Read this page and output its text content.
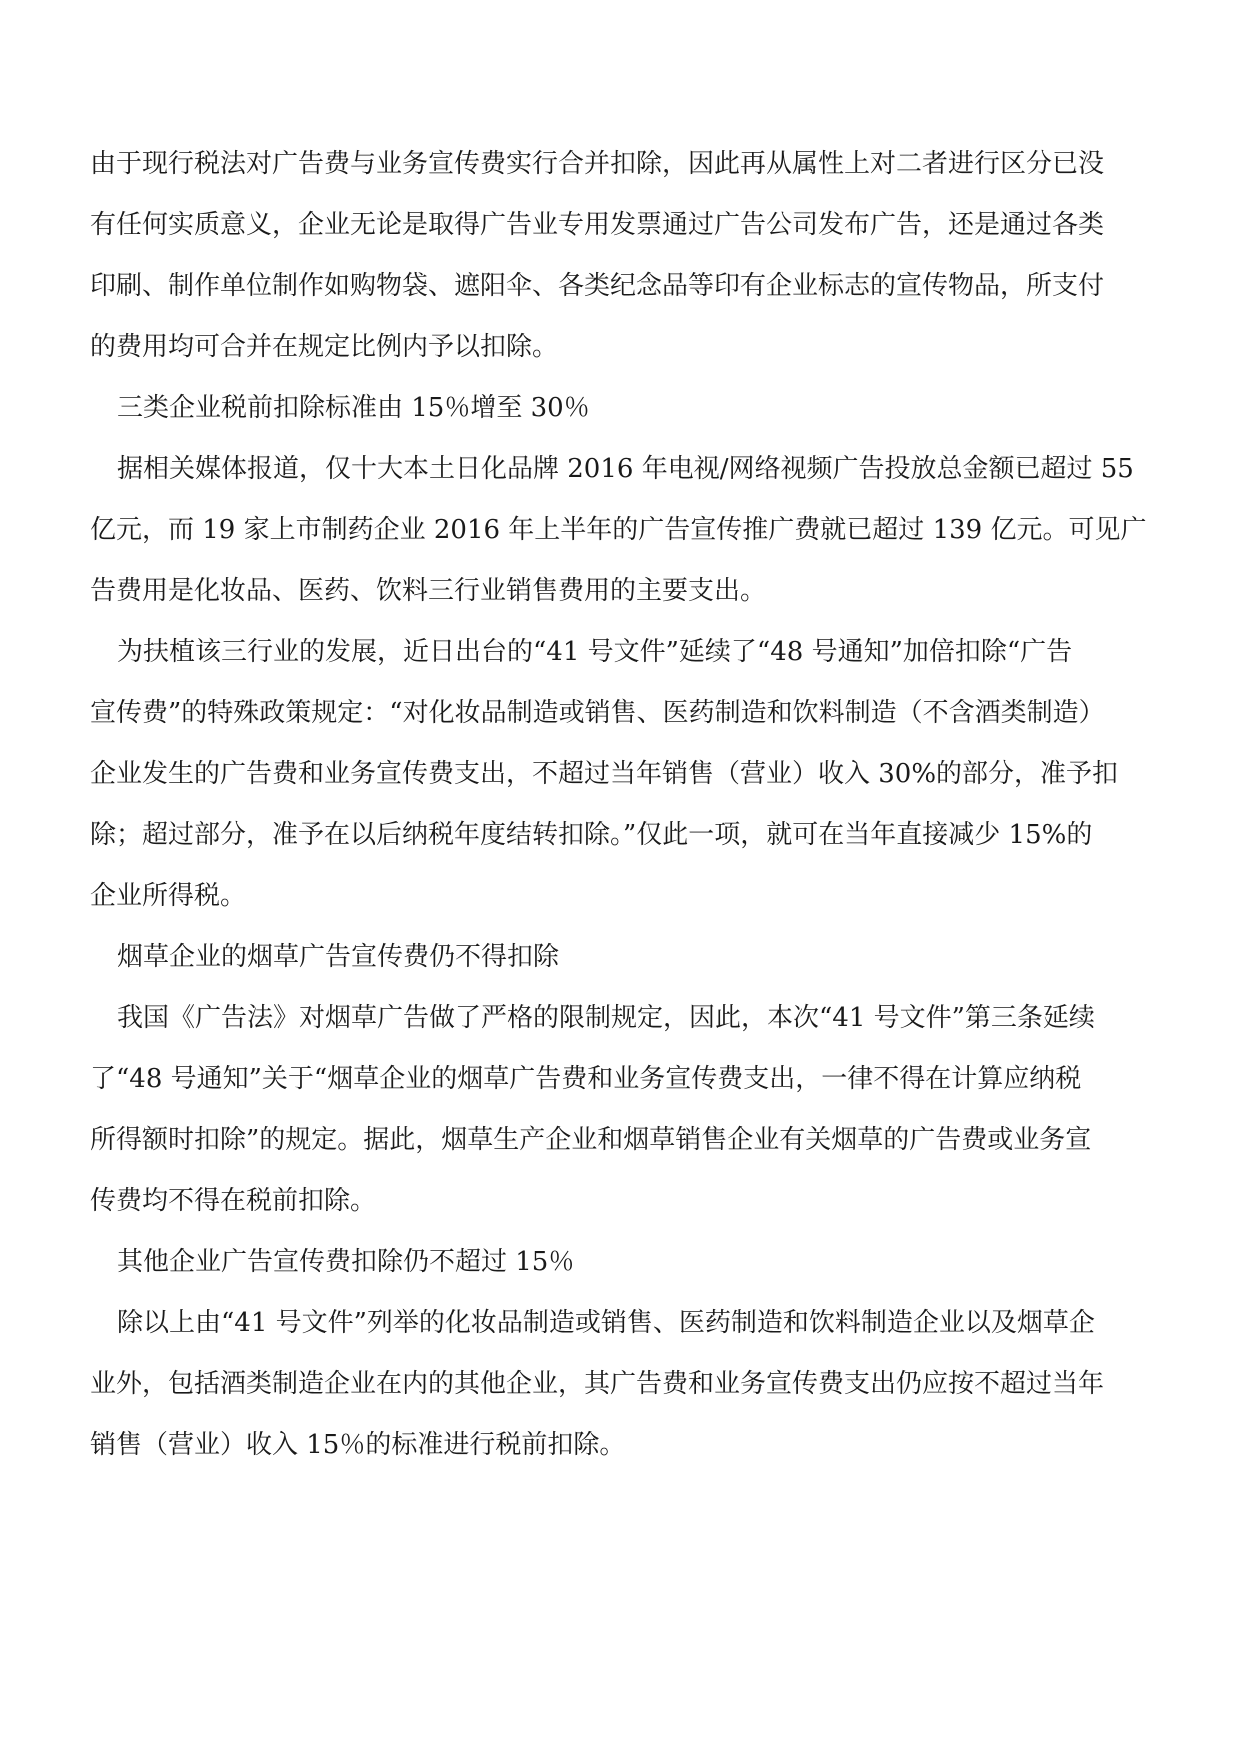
由于现行税法对广告费与业务宣传费实行合并扣除，因此再从属性上对二者进行区分已没
有任何实质意义，企业无论是取得广告业专用发票通过广告公司发布广告，还是通过各类
印刷、制作单位制作如购物袋、遮阳伞、各类纪念品等印有企业标志的宣传物品，所支付
的费用均可合并在规定比例内予以扣除。
三类企业税前扣除标准由 15％增至 30％
据相关媒体报道，仅十大本土日化品牌 2016 年电视/网络视频广告投放总金额已超过 55
亿元，而 19 家上市制药企业 2016 年上半年的广告宣传推广费就已超过 139 亿元。可见广
告费用是化妆品、医药、饮料三行业销售费用的主要支出。
为扶植该三行业的发展，近日出台的“41 号文件”延续了“48 号通知”加倍扣除“广告
宣传费”的特殊政策规定：“对化妆品制造或销售、医药制造和饮料制造（不含酒类制造）
企业发生的广告费和业务宣传费支出，不超过当年销售（营业）收入 30%的部分，准予扣
除；超过部分，准予在以后纳税年度结转扣除。”仅此一项，就可在当年直接减少 15%的
企业所得税。
烟草企业的烟草广告宣传费仍不得扣除
我国《广告法》对烟草广告做了严格的限制规定，因此，本次“41 号文件”第三条延续
了“48 号通知”关于“烟草企业的烟草广告费和业务宣传费支出，一律不得在计算应纳税
所得额时扣除”的规定。据此，烟草生产企业和烟草销售企业有关烟草的广告费或业务宣
传费均不得在税前扣除。
其他企业广告宣传费扣除仍不超过 15％
除以上由“41 号文件”列举的化妆品制造或销售、医药制造和饮料制造企业以及烟草企
业外，包括酒类制造企业在内的其他企业，其广告费和业务宣传费支出仍应按不超过当年
销售（营业）收入 15％的标准进行税前扣除。
